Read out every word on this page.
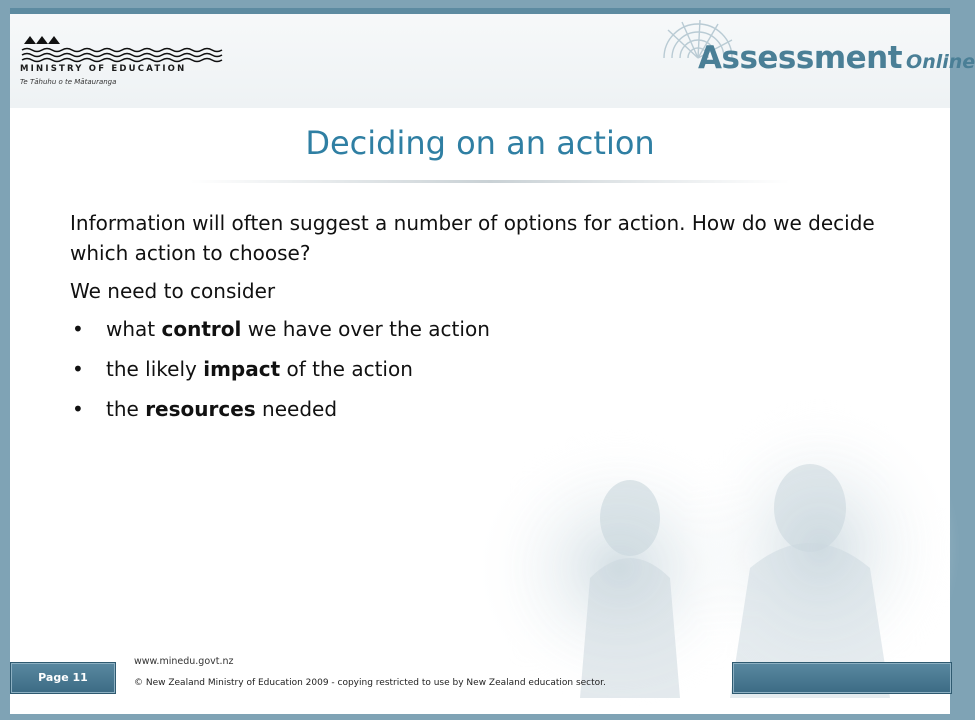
MINISTRY OF EDUCATION
Te Tāhuhu o te Mātauranga
Assessment Online
Deciding on an action

Information will often suggest a number of options for action. How do we decide which action to choose?

We need to consider

• what control we have over the action
• the likely impact of the action
• the resources needed
Page 11
www.minedu.govt.nz
© New Zealand Ministry of Education 2009 - copying restricted to use by New Zealand education sector.
